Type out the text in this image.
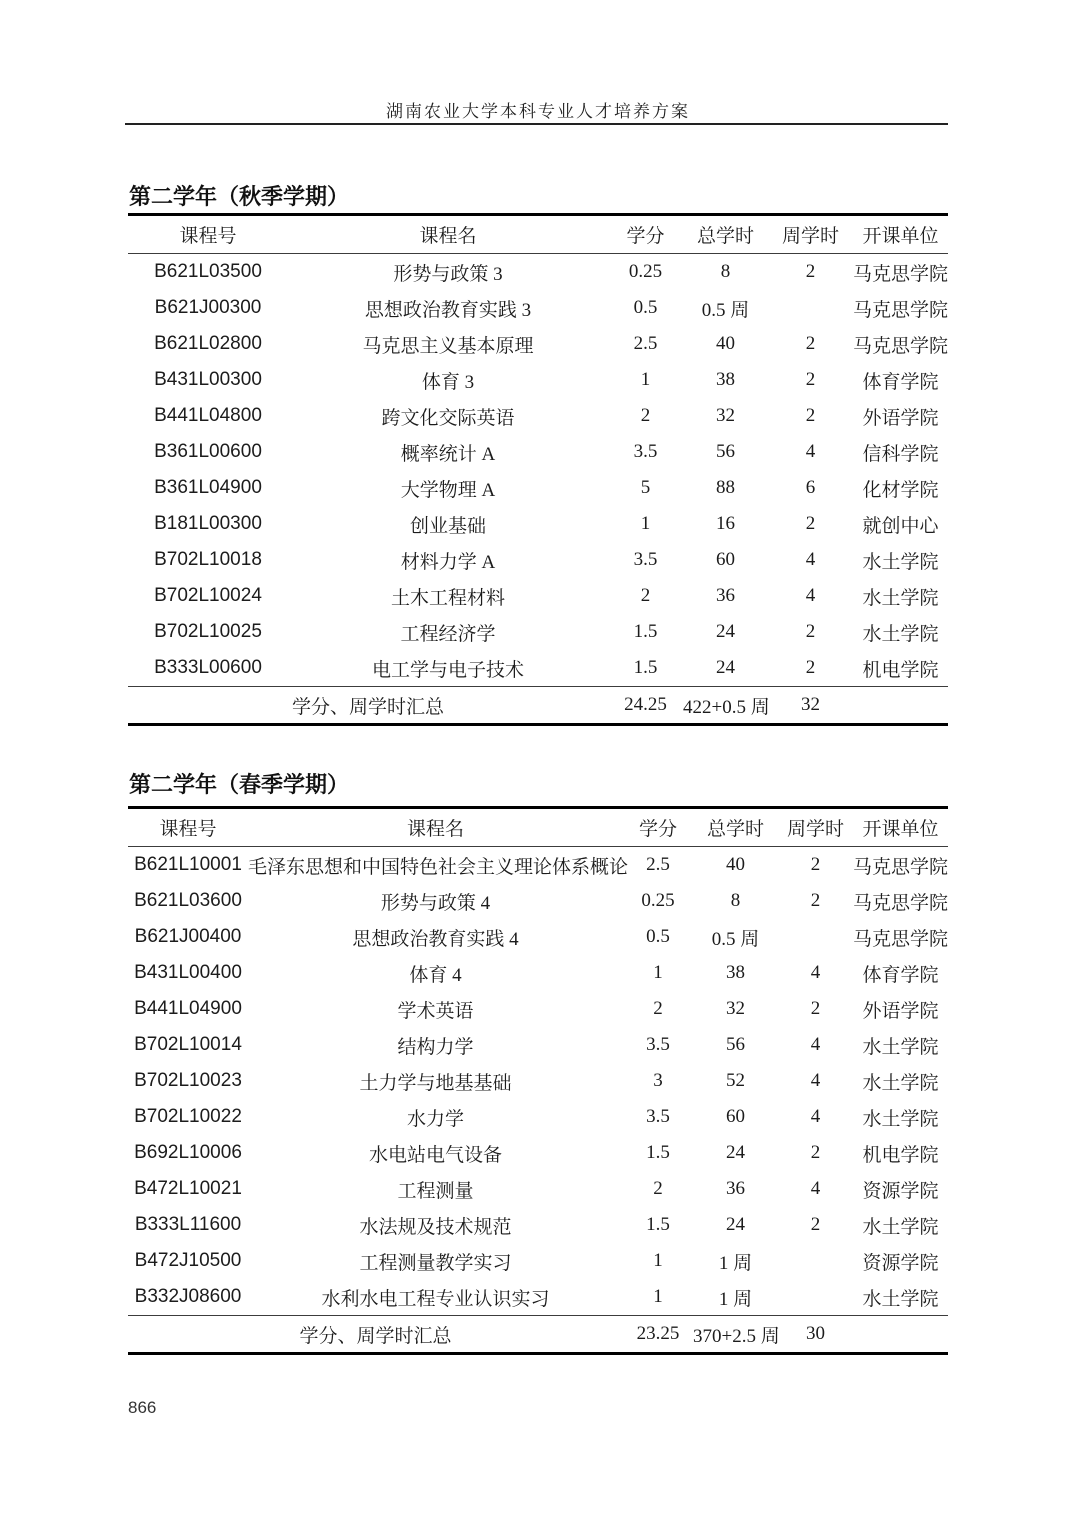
湖南农业大学本科专业人才培养方案
第二学年（秋季学期）
课程号	课程名	学分	总学时	周学时	开课单位
B621L03500	形势与政策 3	0.25	8	2	马克思学院
B621J00300	思想政治教育实践 3	0.5	0.5 周		马克思学院
B621L02800	马克思主义基本原理	2.5	40	2	马克思学院
B431L00300	体育 3	1	38	2	体育学院
B441L04800	跨文化交际英语	2	32	2	外语学院
B361L00600	概率统计 A	3.5	56	4	信科学院
B361L04900	大学物理 A	5	88	6	化材学院
B181L00300	创业基础	1	16	2	就创中心
B702L10018	材料力学 A	3.5	60	4	水土学院
B702L10024	土木工程材料	2	36	4	水土学院
B702L10025	工程经济学	1.5	24	2	水土学院
B333L00600	电工学与电子技术	1.5	24	2	机电学院
学分、周学时汇总		24.25	422+0.5 周	32	
第二学年（春季学期）
课程号	课程名	学分	总学时	周学时	开课单位
B621L10001	毛泽东思想和中国特色社会主义理论体系概论	2.5	40	2	马克思学院
B621L03600	形势与政策 4	0.25	8	2	马克思学院
B621J00400	思想政治教育实践 4	0.5	0.5 周		马克思学院
B431L00400	体育 4	1	38	4	体育学院
B441L04900	学术英语	2	32	2	外语学院
B702L10014	结构力学	3.5	56	4	水土学院
B702L10023	土力学与地基基础	3	52	4	水土学院
B702L10022	水力学	3.5	60	4	水土学院
B692L10006	水电站电气设备	1.5	24	2	机电学院
B472L10021	工程测量	2	36	4	资源学院
B333L11600	水法规及技术规范	1.5	24	2	水土学院
B472J10500	工程测量教学实习	1	1 周		资源学院
B332J08600	水利水电工程专业认识实习	1	1 周		水土学院
学分、周学时汇总		23.25	370+2.5 周	30	
866
